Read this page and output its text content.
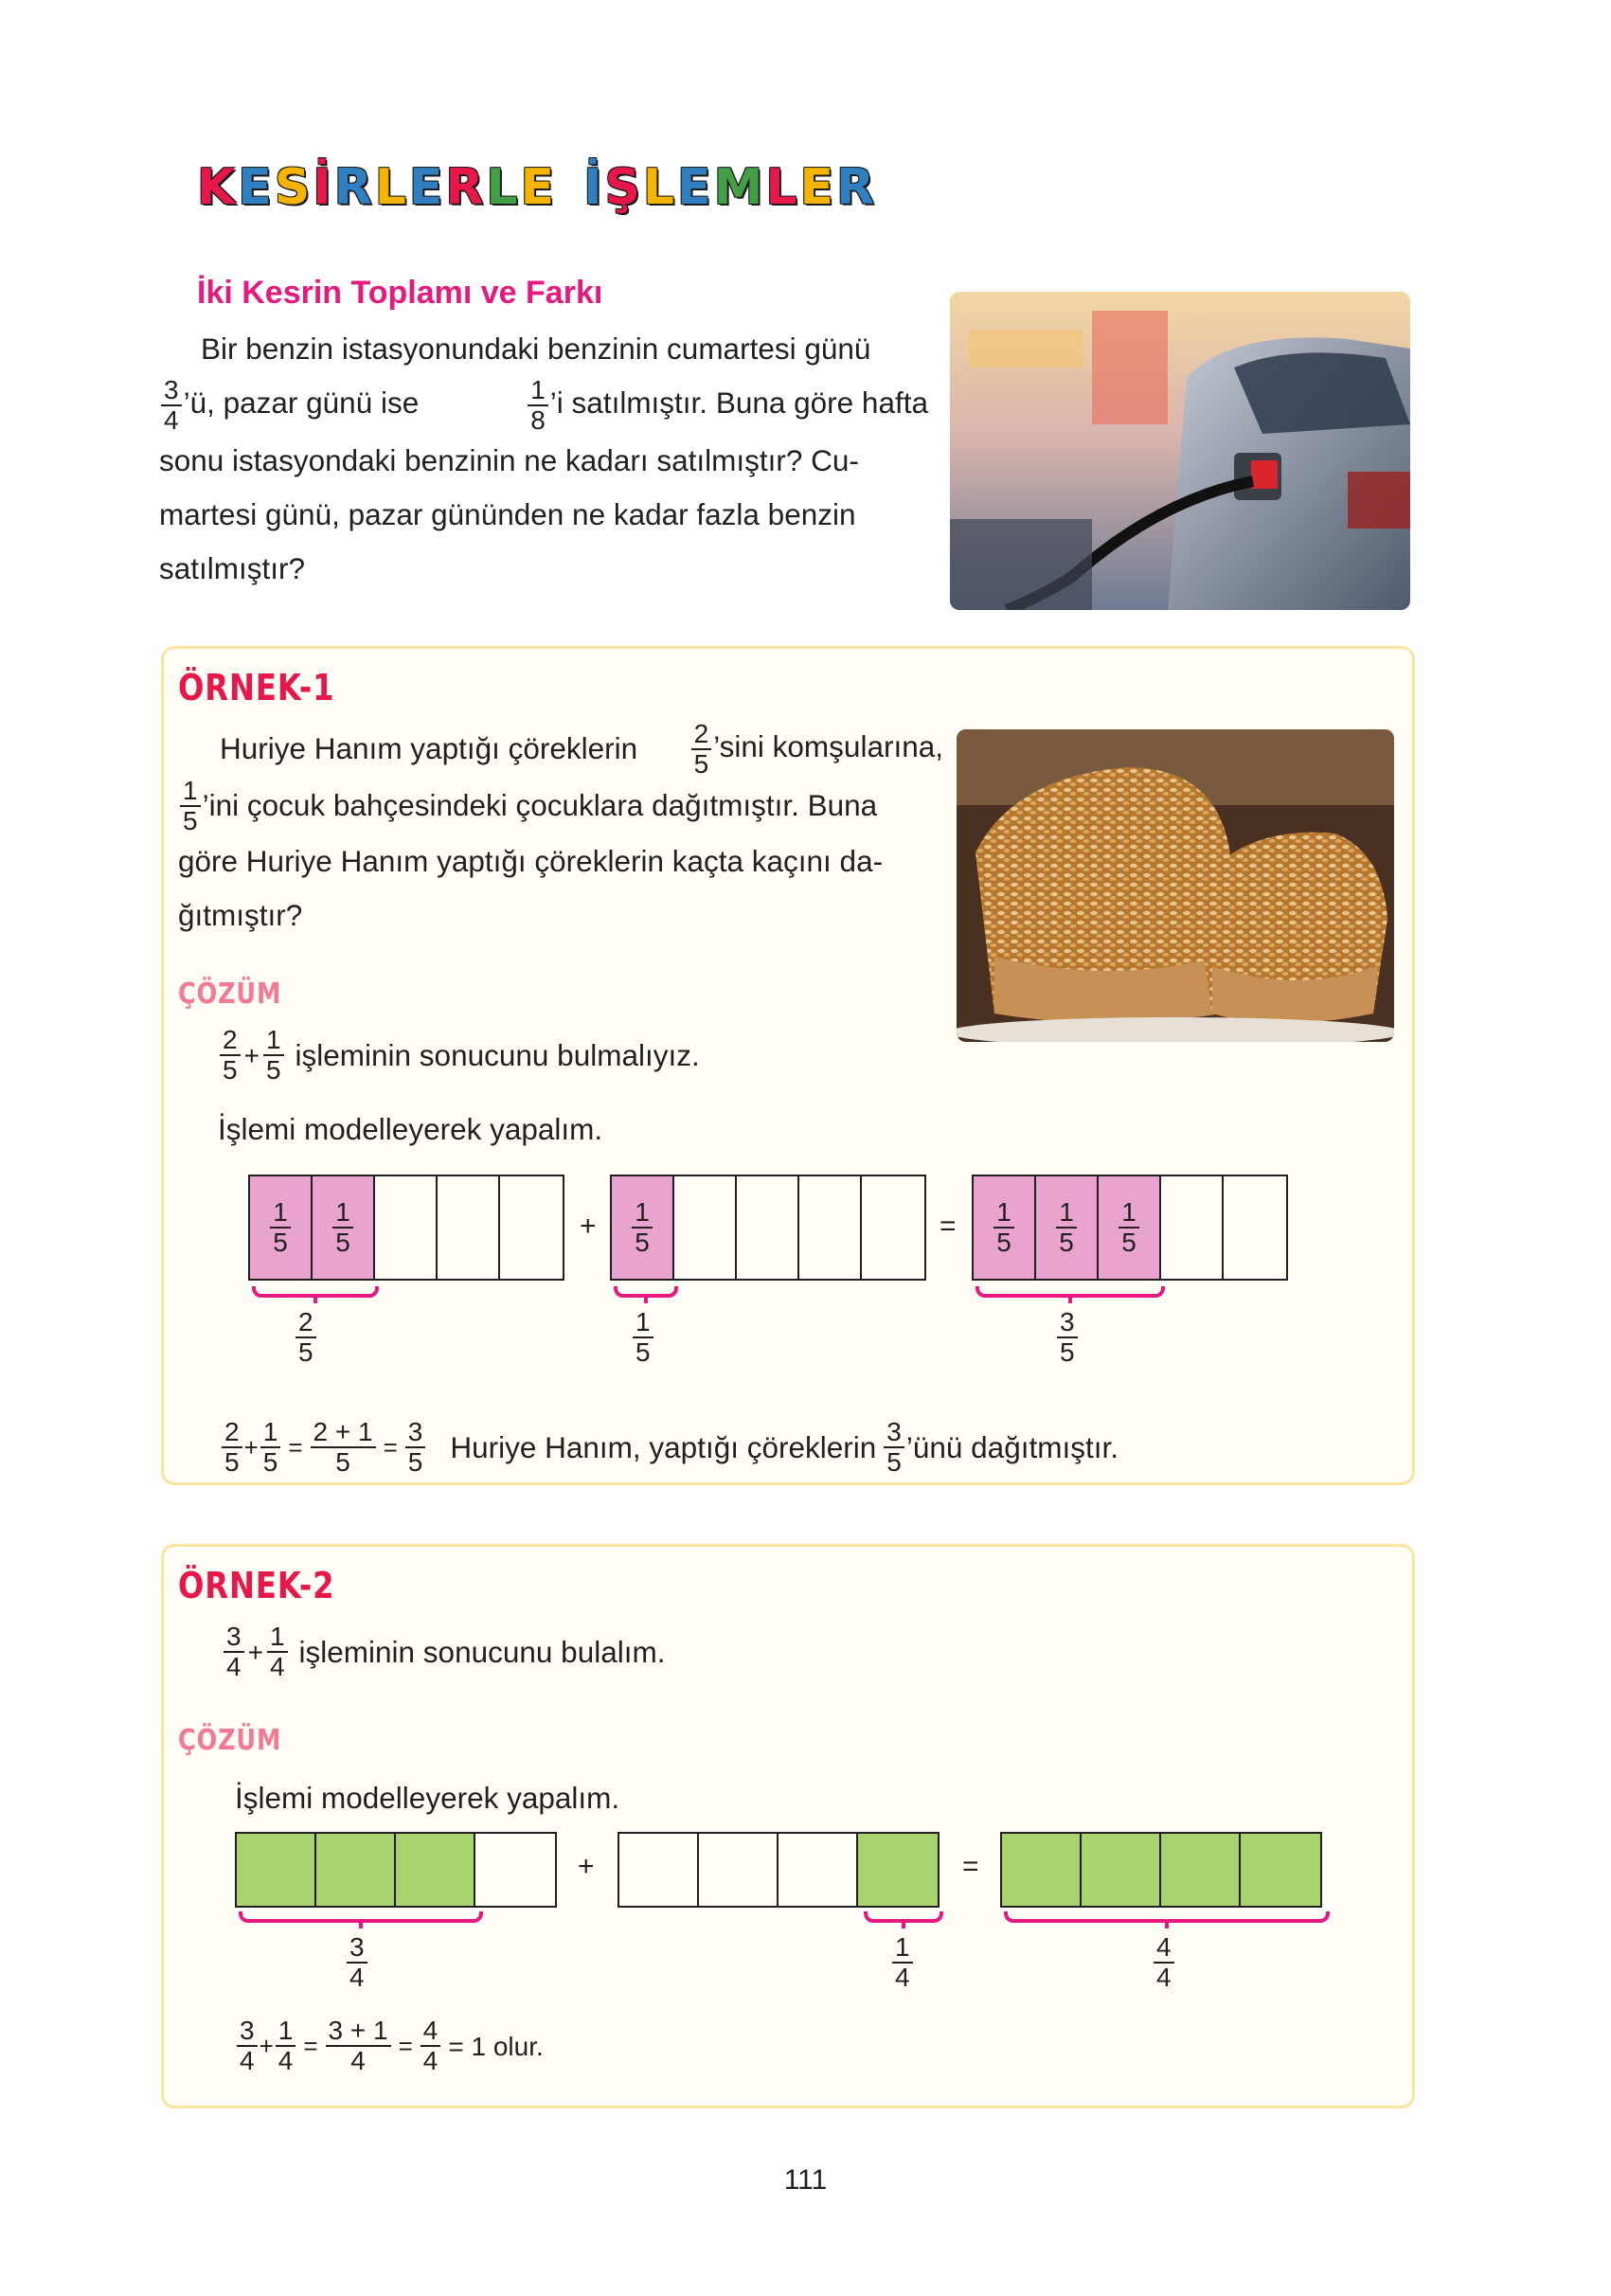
K E S İ R L E R L E İ Ş L E M L E R
İki Kesrin Toplamı ve Farkı
Bir benzin istasyonundaki benzinin cumartesi günü
$\frac{3}{4}$ ’ü, pazar günü ise	$\frac{1}{8}$ ’i satılmıştır. Buna göre hafta
sonu istasyondaki benzinin ne kadarı satılmıştır? Cu-
martesi günü, pazar gününden ne kadar fazla benzin
satılmıştır?
ÖRNEK-1
Huriye Hanım yaptığı çöreklerin $\frac{2}{5}$ ’sini komşularına,
$\frac{1}{5}$ ’ini çocuk bahçesindeki çocuklara dağıtmıştır. Buna
göre Huriye Hanım yaptığı çöreklerin kaçta kaçını da-
ğıtmıştır?
ÇÖZÜM
$\frac{2}{5} + \frac{1}{5}$ işleminin sonucunu bulmalıyız.
İşlemi modelleyerek yapalım.
$\frac{1}{5} \frac{1}{5}$	+ $\frac{1}{5}$	= $\frac{1}{5} \frac{1}{5} \frac{1}{5}$
$\frac{2}{5}$	$\frac{1}{5}$	$\frac{3}{5}$
$\frac{2}{5} + \frac{1}{5} = \frac{2 + 1}{5} = \frac{3}{5}$ Huriye Hanım, yaptığı çöreklerin $\frac{3}{5}$ ’ünü dağıtmıştır.
ÖRNEK-2
$\frac{3}{4} + \frac{1}{4}$ işleminin sonucunu bulalım.
ÇÖZÜM
İşlemi modelleyerek yapalım.
+	=
$\frac{3}{4}$	$\frac{1}{4}$	$\frac{4}{4}$
$\frac{3}{4} + \frac{1}{4} = \frac{3 + 1}{4} = \frac{4}{4} = 1$ olur.
111
